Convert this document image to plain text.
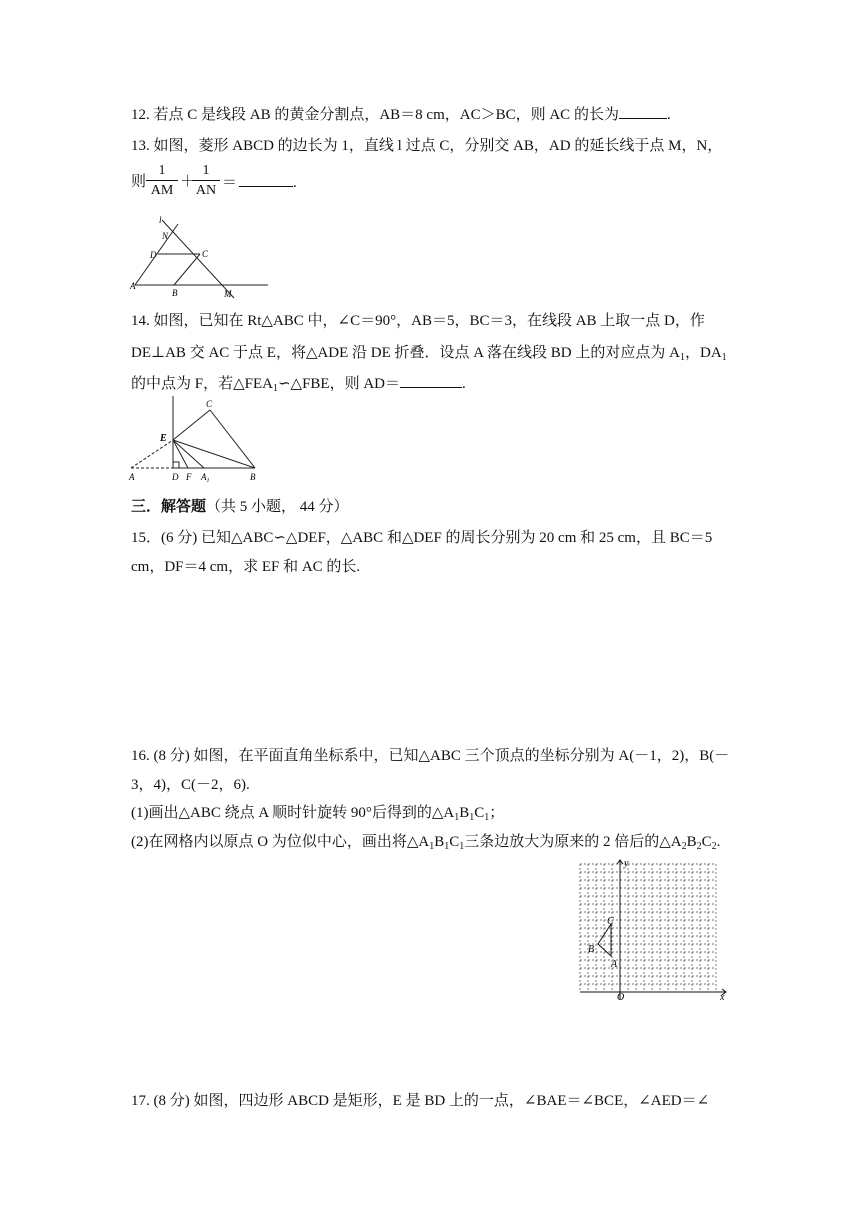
12. 若点 C 是线段 AB 的黄金分割点，AB＝8 cm，AC＞BC，则 AC 的长为	.
13. 如图，菱形 ABCD 的边长为 1，直线 l 过点 C，分别交 AB，AD 的延长线于点 M，N，
则 $\frac{1}{AM}$ ＋
$\frac{1}{AN}$ ＝	.
l
N
D	C
A
B	M
14. 如图，已知在 Rt△ABC 中，∠C＝90°，AB＝5，BC＝3，在线段 AB 上取一点 D，作
DE⊥AB 交 AC 于点 E，将△ADE 沿 DE 折叠．设点 A 落在线段 BD 上的对应点为 $A_1$，$DA_1$
的中点为 F，若$\triangle FEA_1∽\triangle FBE$，则 AD＝	.
C
E
A	D F $A_1$	B
三．解答题（共 5 小题， 44 分）
15．(6 分) 已知△ABC∽△DEF，△ABC 和△DEF 的周长分别为 20 cm 和 25 cm，且 BC＝5
cm，DF＝4 cm，求 EF 和 AC 的长.
16. (8 分) 如图，在平面直角坐标系中，已知△ABC 三个顶点的坐标分别为 A(－1，2)，B(－
3，4)，C(－2，6).
(1)画出△ABC 绕点 A 顺时针旋转 90°后得到的$\triangle A_1B_1C_1$；
(2)在网格内以原点 O 为位似中心，画出将$\triangle A_1B_1C_1$三条边放大为原来的 2 倍后的$\triangle A_2B_2C_2$.
y
x
O
A
B
C
17. (8 分) 如图，四边形 ABCD 是矩形，E 是 BD 上的一点，∠BAE＝∠BCE，∠AED＝∠
